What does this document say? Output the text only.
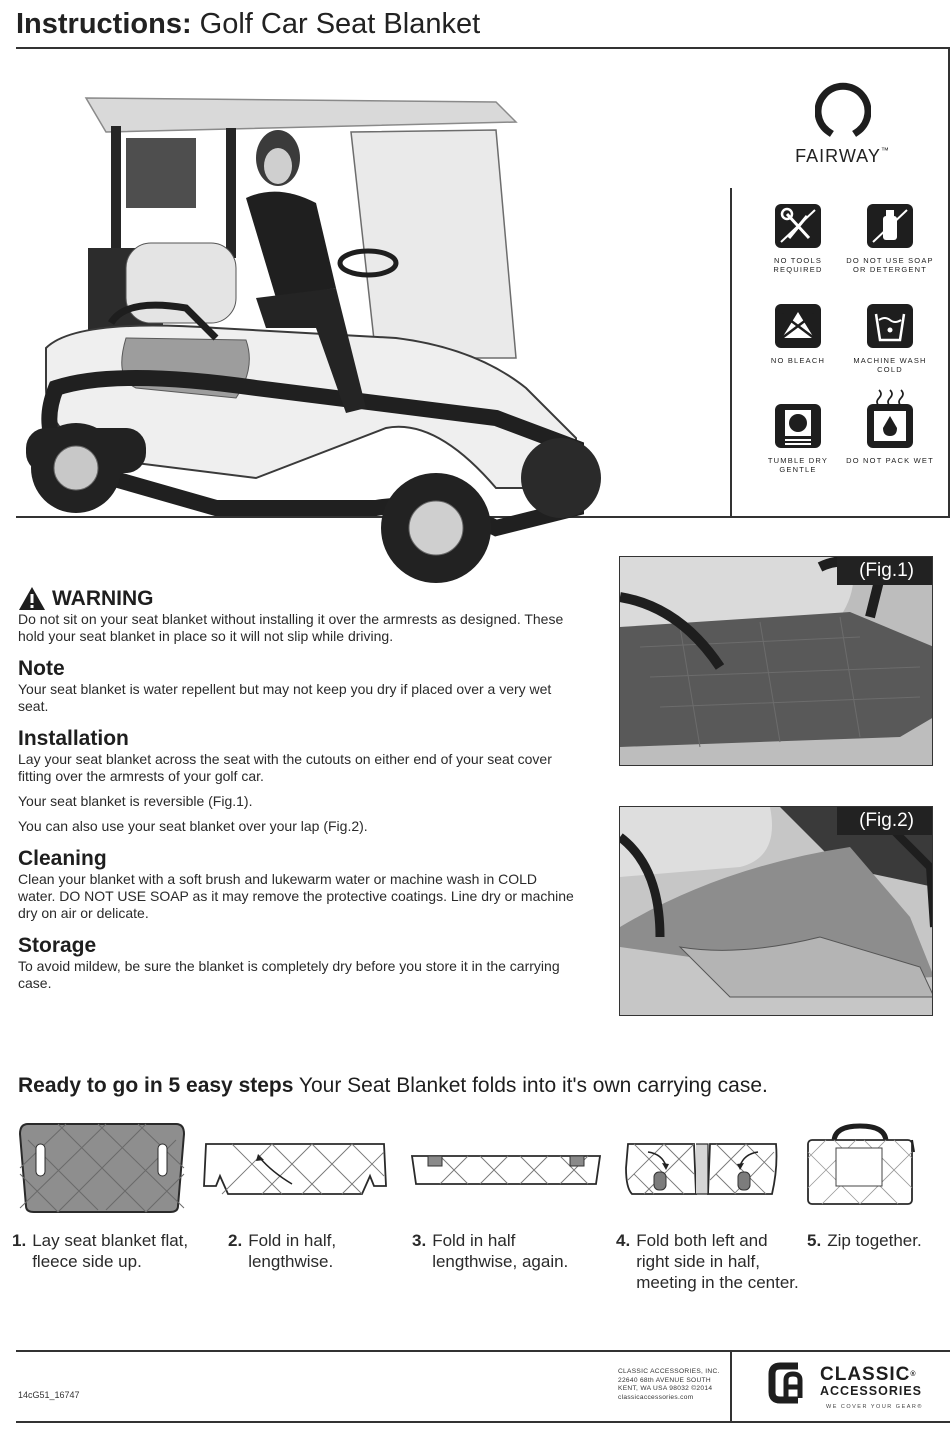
Instructions: Golf Car Seat Blanket
FAIRWAY™
NO TOOLS REQUIRED
DO NOT USE SOAP OR DETERGENT
NO BLEACH	MACHINE WASH COLD
TUMBLE DRY GENTLE
DO NOT PACK WET
WARNING

Do not sit on your seat blanket without installing it over the armrests as designed. These hold your seat blanket in place so it will not slip while driving.

Note

Your seat blanket is water repellent but may not keep you dry if placed over a very wet seat.

Installation

Lay your seat blanket across the seat with the cutouts on either end of your seat cover fitting over the armrests of your golf car.

Your seat blanket is reversible (Fig.1).

You can also use your seat blanket over your lap (Fig.2).

Cleaning

Clean your blanket with a soft brush and lukewarm water or machine wash in COLD water. DO NOT USE SOAP as it may remove the protective coatings. Line dry or machine dry on air or delicate.

Storage

To avoid mildew, be sure the blanket is completely dry before you store it in the carrying case.

(Fig.1)
(Fig.2)
Ready to go in 5 easy steps Your Seat Blanket folds into it's own carrying case.
1. Lay seat blanket flat, fleece side up.
2. Fold in half, lengthwise.
3. Fold in half lengthwise, again.
4. Fold both left and right side in half, meeting in the center.
5. Zip together.
14cG51_16747
CLASSIC ACCESSORIES, INC.
22640 68th AVENUE SOUTH
KENT, WA USA 98032 ©2014
classicaccessories.com
CLASSIC®
ACCESSORIES
WE COVER YOUR GEAR®
